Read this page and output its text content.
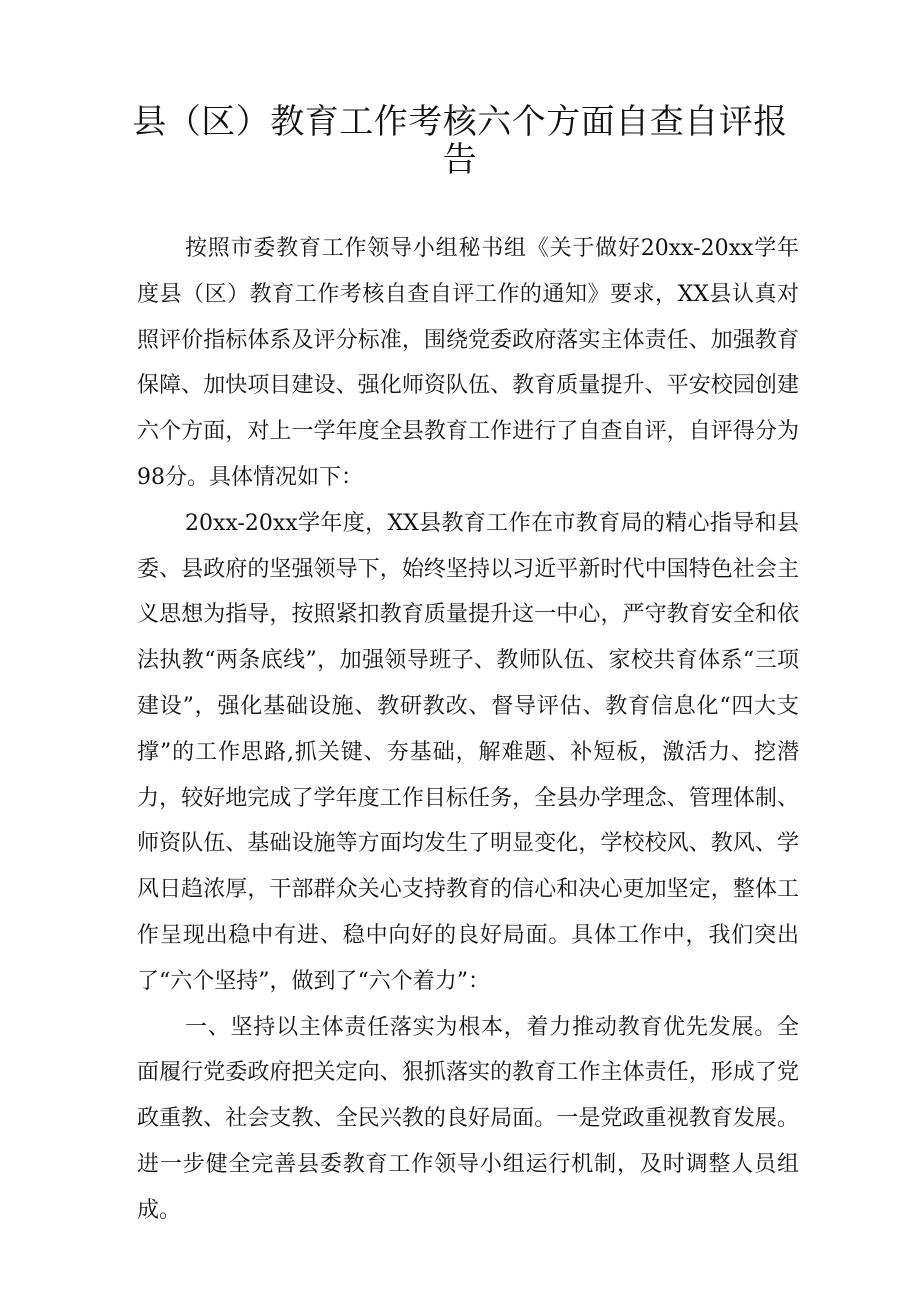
县（区）教育工作考核六个方面自查自评报告

按照市委教育工作领导小组秘书组《关于做好20xx-20xx学年度县（区）教育工作考核自查自评工作的通知》要求，XX县认真对照评价指标体系及评分标准，围绕党委政府落实主体责任、加强教育保障、加快项目建设、强化师资队伍、教育质量提升、平安校园创建六个方面，对上一学年度全县教育工作进行了自查自评，自评得分为98分。具体情况如下：

20xx-20xx学年度，XX县教育工作在市教育局的精心指导和县委、县政府的坚强领导下，始终坚持以习近平新时代中国特色社会主义思想为指导，按照紧扣教育质量提升这一中心，严守教育安全和依法执教“两条底线”，加强领导班子、教师队伍、家校共育体系“三项建设”，强化基础设施、教研教改、督导评估、教育信息化“四大支撑”的工作思路,抓关键、夯基础，解难题、补短板，激活力、挖潜力，较好地完成了学年度工作目标任务，全县办学理念、管理体制、师资队伍、基础设施等方面均发生了明显变化，学校校风、教风、学风日趋浓厚，干部群众关心支持教育的信心和决心更加坚定，整体工作呈现出稳中有进、稳中向好的良好局面。具体工作中，我们突出了“六个坚持”，做到了“六个着力”：

一、坚持以主体责任落实为根本，着力推动教育优先发展。全面履行党委政府把关定向、狠抓落实的教育工作主体责任，形成了党政重教、社会支教、全民兴教的良好局面。一是党政重视教育发展。进一步健全完善县委教育工作领导小组运行机制，及时调整人员组成。
